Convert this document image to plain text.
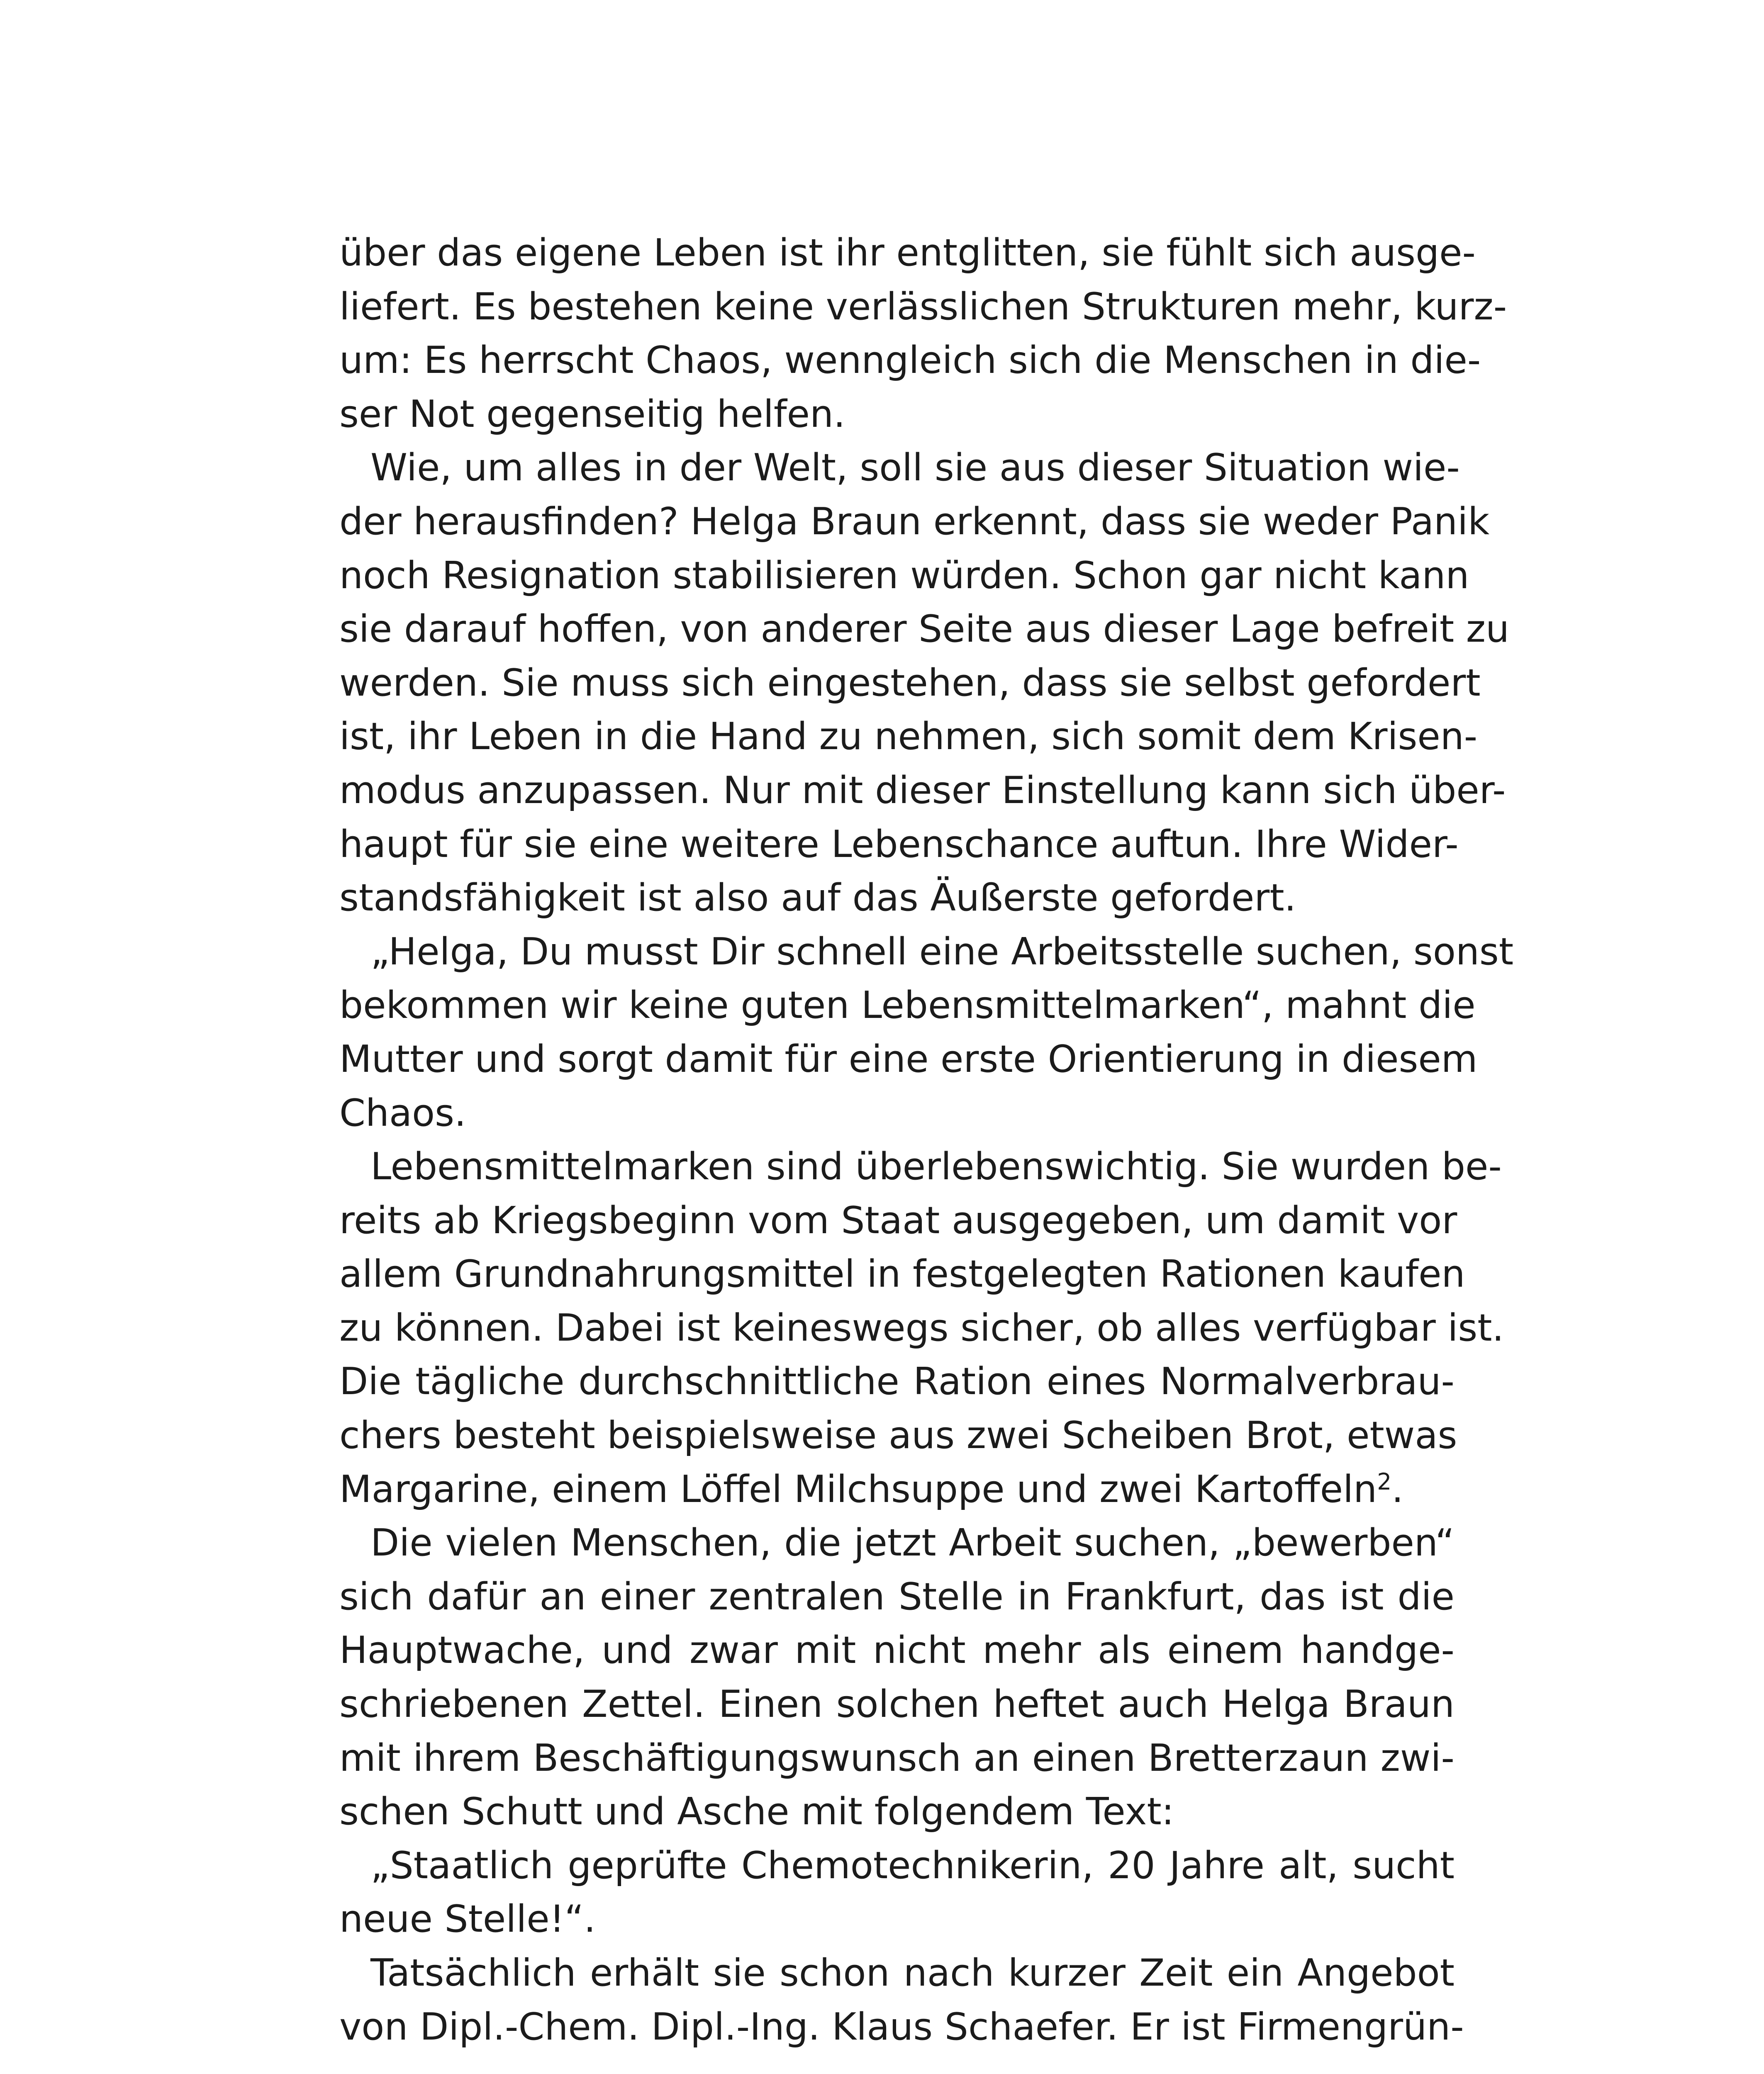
über das eigene Leben ist ihr entglitten, sie fühlt sich ausge-
liefert. Es bestehen keine verlässlichen Strukturen mehr, kurz-
um: Es herrscht Chaos, wenngleich sich die Menschen in die-
ser Not gegenseitig helfen.
Wie, um alles in der Welt, soll sie aus dieser Situation wie-
der herausfinden? Helga Braun erkennt, dass sie weder Panik
noch Resignation stabilisieren würden. Schon gar nicht kann
sie darauf hoffen, von anderer Seite aus dieser Lage befreit zu
werden. Sie muss sich eingestehen, dass sie selbst gefordert
ist, ihr Leben in die Hand zu nehmen, sich somit dem Krisen-
modus anzupassen. Nur mit dieser Einstellung kann sich über-
haupt für sie eine weitere Lebenschance auftun. Ihre Wider-
standsfähigkeit ist also auf das Äußerste gefordert.
„Helga, Du musst Dir schnell eine Arbeitsstelle suchen, sonst
bekommen wir keine guten Lebensmittelmarken“, mahnt die
Mutter und sorgt damit für eine erste Orientierung in diesem
Chaos.
Lebensmittelmarken sind überlebenswichtig. Sie wurden be-
reits ab Kriegsbeginn vom Staat ausgegeben, um damit vor
allem Grundnahrungsmittel in festgelegten Rationen kaufen
zu können. Dabei ist keineswegs sicher, ob alles verfügbar ist.
Die tägliche durchschnittliche Ration eines Normalverbrau-
chers besteht beispielsweise aus zwei Scheiben Brot, etwas
Margarine, einem Löffel Milchsuppe und zwei Kartoffeln$^2$.
Die vielen Menschen, die jetzt Arbeit suchen, „bewerben“
sich dafür an einer zentralen Stelle in Frankfurt, das ist die
Hauptwache, und zwar mit nicht mehr als einem handge-
schriebenen Zettel. Einen solchen heftet auch Helga Braun
mit ihrem Beschäftigungswunsch an einen Bretterzaun zwi-
schen Schutt und Asche mit folgendem Text:
„Staatlich geprüfte Chemotechnikerin, 20 Jahre alt, sucht
neue Stelle!“.
Tatsächlich erhält sie schon nach kurzer Zeit ein Angebot
von Dipl.-Chem. Dipl.-Ing. Klaus Schaefer. Er ist Firmengrün-
